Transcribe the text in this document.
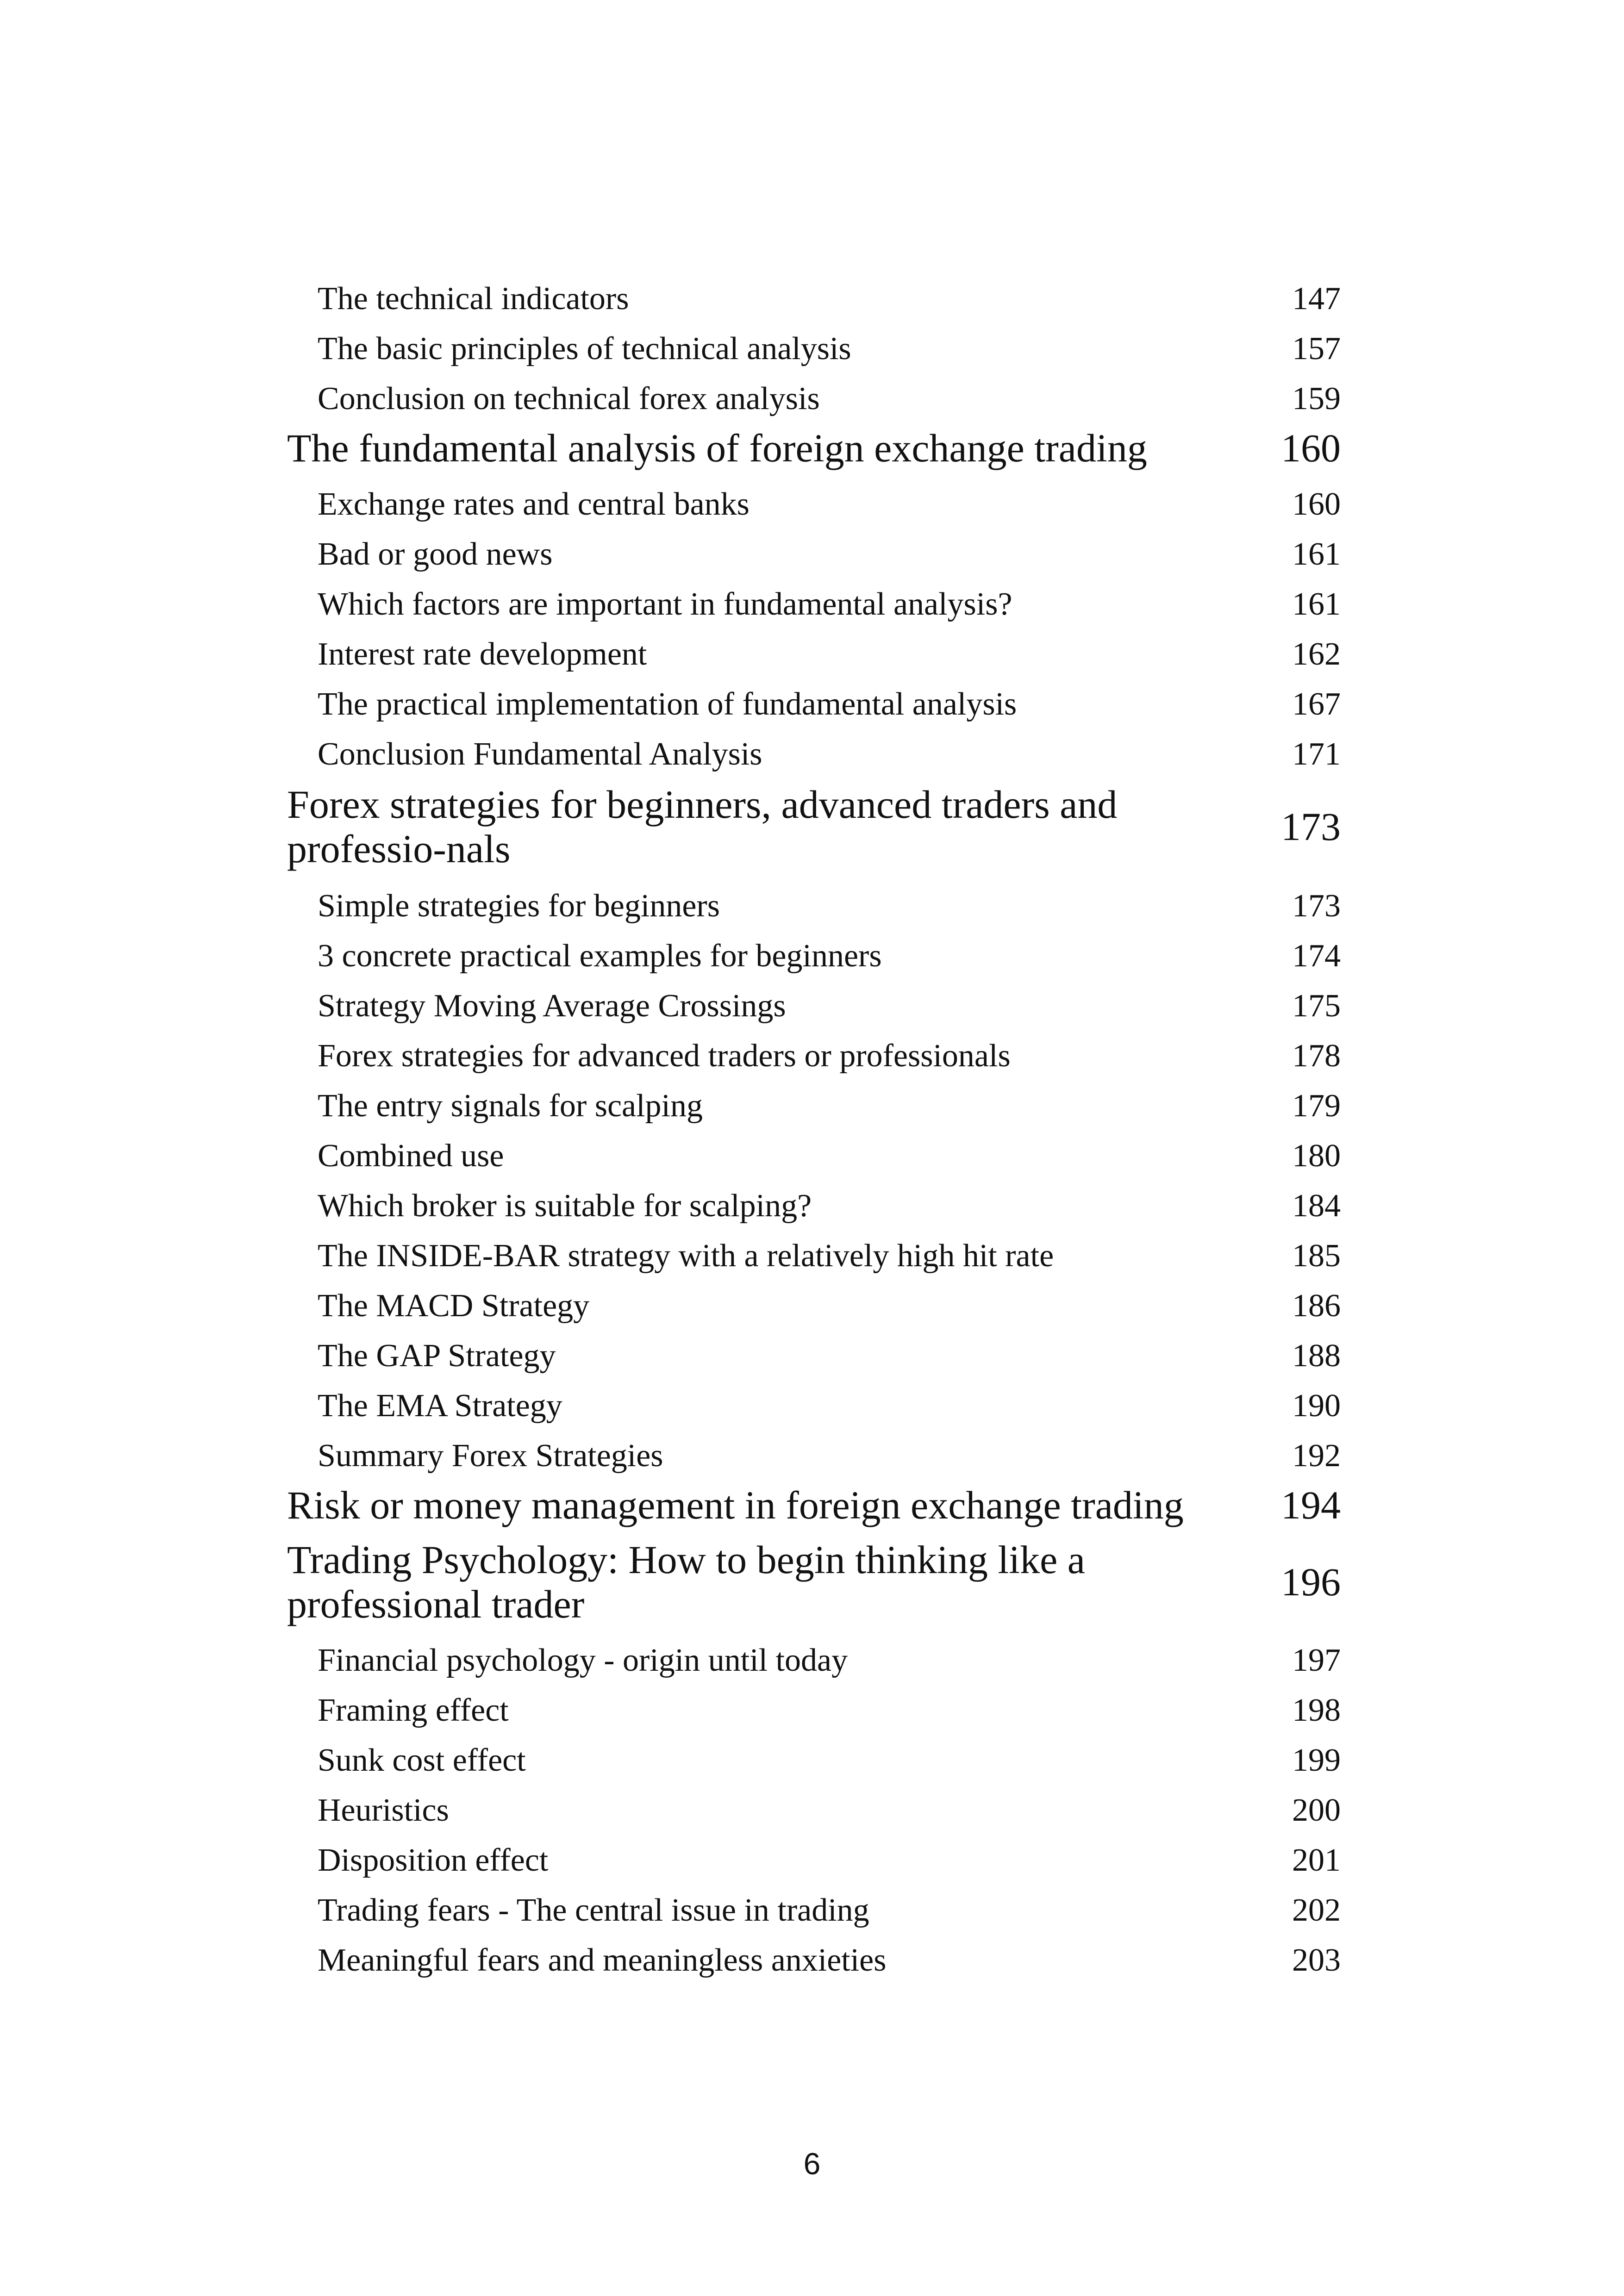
The technical indicators	147
The basic principles of technical analysis	157
Conclusion on technical forex analysis	159
The fundamental analysis of foreign exchange trading	160
Exchange rates and central banks	160
Bad or good news	161
Which factors are important in fundamental analysis?	161
Interest rate development	162
The practical implementation of fundamental analysis	167
Conclusion Fundamental Analysis	171
Forex strategies for beginners, advanced traders and professio-nals	173
Simple strategies for beginners	173
3 concrete practical examples for beginners	174
Strategy Moving Average Crossings	175
Forex strategies for advanced traders or professionals	178
The entry signals for scalping	179
Combined use	180
Which broker is suitable for scalping?	184
The INSIDE-BAR strategy with a relatively high hit rate	185
The MACD Strategy	186
The GAP Strategy	188
The EMA Strategy	190
Summary Forex Strategies	192
Risk or money management in foreign exchange trading	194
Trading Psychology: How to begin thinking like a professional trader	196
Financial psychology - origin until today	197
Framing effect	198
Sunk cost effect	199
Heuristics	200
Disposition effect	201
Trading fears - The central issue in trading	202
Meaningful fears and meaningless anxieties	203
6
